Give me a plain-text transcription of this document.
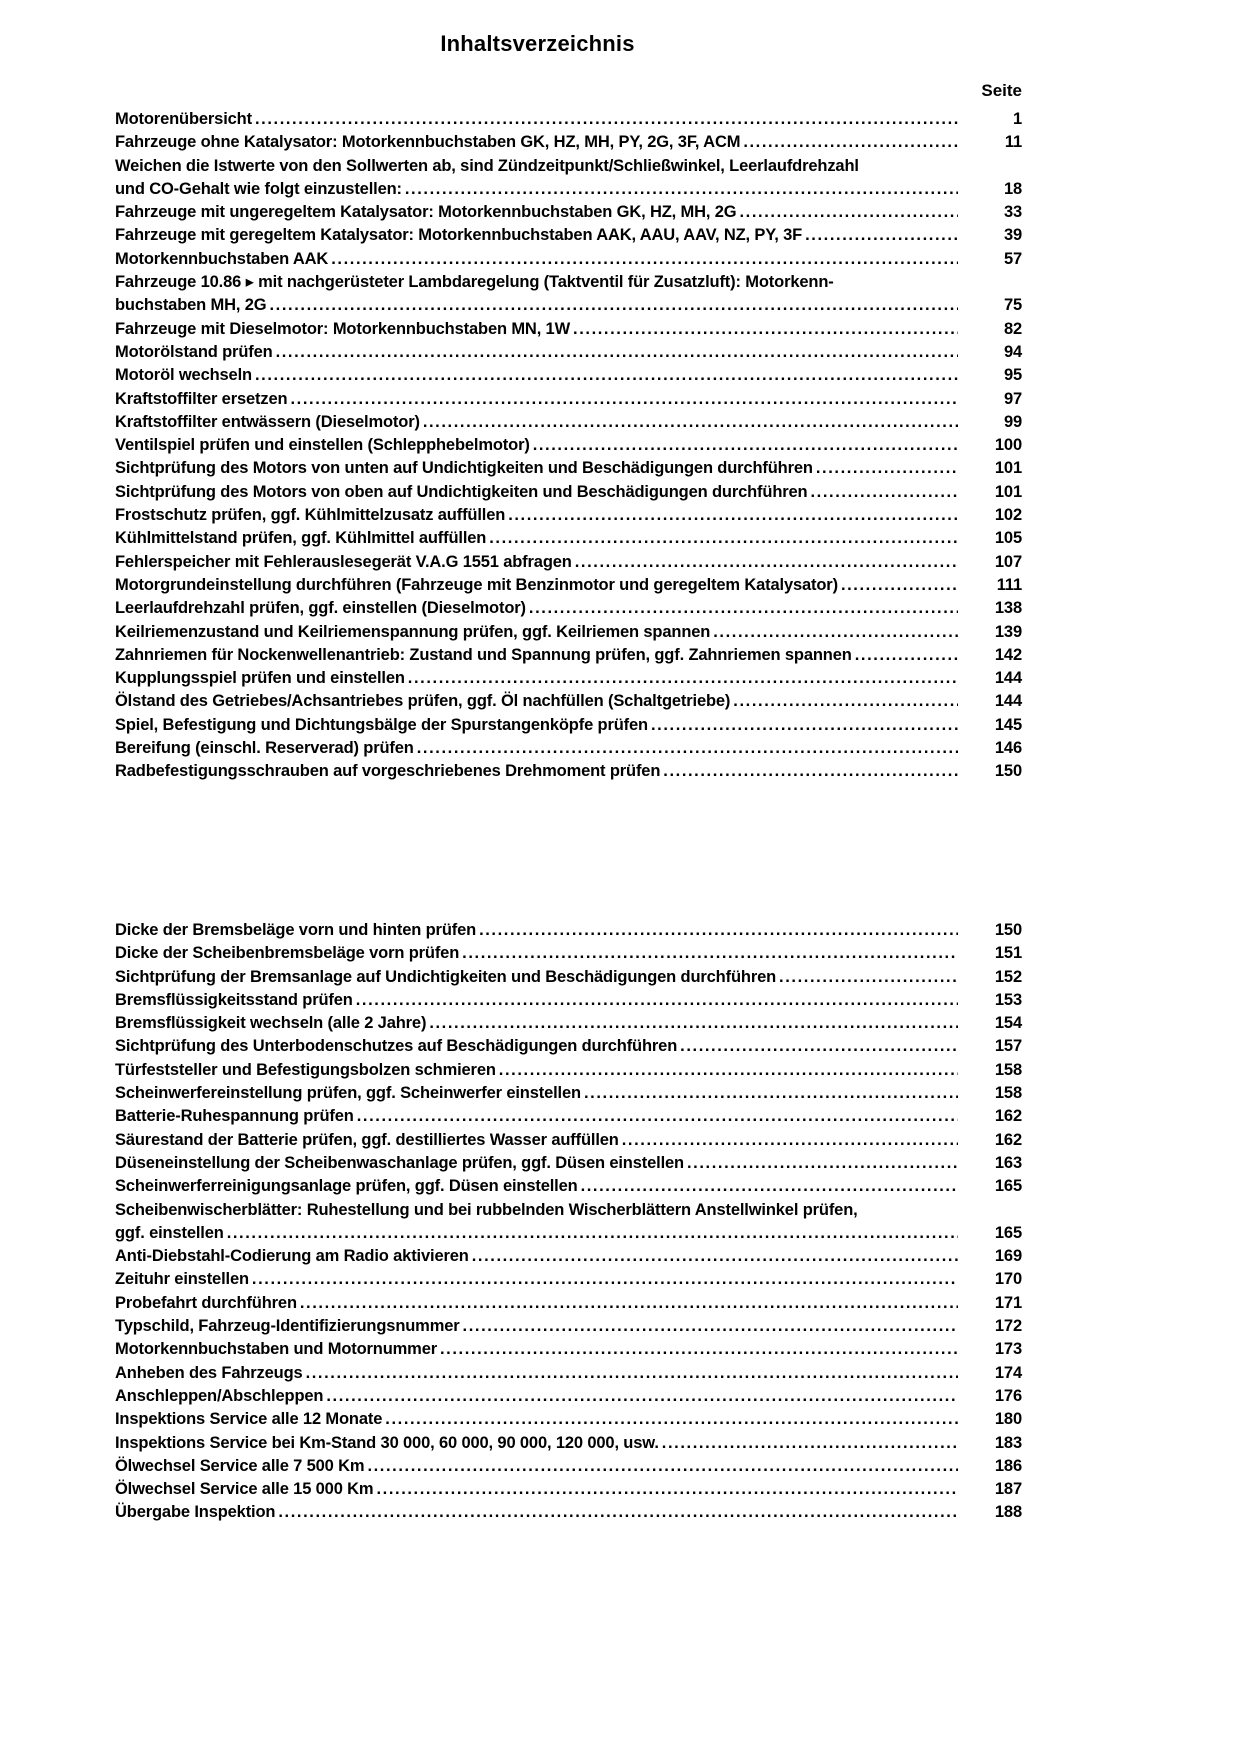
Inhaltsverzeichnis
Seite
Motorenübersicht .....	1
Fahrzeuge ohne Katalysator: Motorkennbuchstaben GK, HZ, MH, PY, 2G, 3F, ACM .....	11
Weichen die Istwerte von den Sollwerten ab, sind Zündzeitpunkt/Schließwinkel, Leerlaufdrehzahl
und CO-Gehalt wie folgt einzustellen: .....	18
Fahrzeuge mit ungeregeltem Katalysator: Motorkennbuchstaben GK, HZ, MH, 2G .....	33
Fahrzeuge mit geregeltem Katalysator: Motorkennbuchstaben AAK, AAU, AAV, NZ, PY, 3F .....	39
Motorkennbuchstaben AAK .....	57
Fahrzeuge 10.86 ▸ mit nachgerüsteter Lambdaregelung (Taktventil für Zusatzluft): Motorkenn-
buchstaben MH, 2G .....	75
Fahrzeuge mit Dieselmotor: Motorkennbuchstaben MN, 1W .....	82
Motorölstand prüfen .....	94
Motoröl wechseln .....	95
Kraftstoffilter ersetzen .....	97
Kraftstoffilter entwässern (Dieselmotor) .....	99
Ventilspiel prüfen und einstellen (Schlepphebelmotor) .....	100
Sichtprüfung des Motors von unten auf Undichtigkeiten und Beschädigungen durchführen .....	101
Sichtprüfung des Motors von oben auf Undichtigkeiten und Beschädigungen durchführen .....	101
Frostschutz prüfen, ggf. Kühlmittelzusatz auffüllen .....	102
Kühlmittelstand prüfen, ggf. Kühlmittel auffüllen .....	105
Fehlerspeicher mit Fehlerauslesegerät V.A.G 1551 abfragen .....	107
Motorgrundeinstellung durchführen (Fahrzeuge mit Benzinmotor und geregeltem Katalysator) .....	111
Leerlaufdrehzahl prüfen, ggf. einstellen (Dieselmotor) .....	138
Keilriemenzustand und Keilriemenspannung prüfen, ggf. Keilriemen spannen .....	139
Zahnriemen für Nockenwellenantrieb: Zustand und Spannung prüfen, ggf. Zahnriemen spannen .....	142
Kupplungsspiel prüfen und einstellen .....	144
Ölstand des Getriebes/Achsantriebes prüfen, ggf. Öl nachfüllen (Schaltgetriebe) .....	144
Spiel, Befestigung und Dichtungsbälge der Spurstangenköpfe prüfen .....	145
Bereifung (einschl. Reserverad) prüfen .....	146
Radbefestigungsschrauben auf vorgeschriebenes Drehmoment prüfen .....	150
Dicke der Bremsbeläge vorn und hinten prüfen .....	150
Dicke der Scheibenbremsbeläge vorn prüfen .....	151
Sichtprüfung der Bremsanlage auf Undichtigkeiten und Beschädigungen durchführen .....	152
Bremsflüssigkeitsstand prüfen .....	153
Bremsflüssigkeit wechseln (alle 2 Jahre) .....	154
Sichtprüfung des Unterbodenschutzes auf Beschädigungen durchführen .....	157
Türfeststeller und Befestigungsbolzen schmieren .....	158
Scheinwerfereinstellung prüfen, ggf. Scheinwerfer einstellen .....	158
Batterie-Ruhespannung prüfen .....	162
Säurestand der Batterie prüfen, ggf. destilliertes Wasser auffüllen .....	162
Düseneinstellung der Scheibenwaschanlage prüfen, ggf. Düsen einstellen .....	163
Scheinwerferreinigungsanlage prüfen, ggf. Düsen einstellen .....	165
Scheibenwischerblätter: Ruhestellung und bei rubbelnden Wischerblättern Anstellwinkel prüfen,
ggf. einstellen .....	165
Anti-Diebstahl-Codierung am Radio aktivieren .....	169
Zeituhr einstellen .....	170
Probefahrt durchführen .....	171
Typschild, Fahrzeug-Identifizierungsnummer .....	172
Motorkennbuchstaben und Motornummer .....	173
Anheben des Fahrzeugs .....	174
Anschleppen/Abschleppen .....	176
Inspektions Service alle 12 Monate .....	180
Inspektions Service bei Km-Stand 30 000, 60 000, 90 000, 120 000, usw. .....	183
Ölwechsel Service alle 7 500 Km .....	186
Ölwechsel Service alle 15 000 Km .....	187
Übergabe Inspektion .....	188
